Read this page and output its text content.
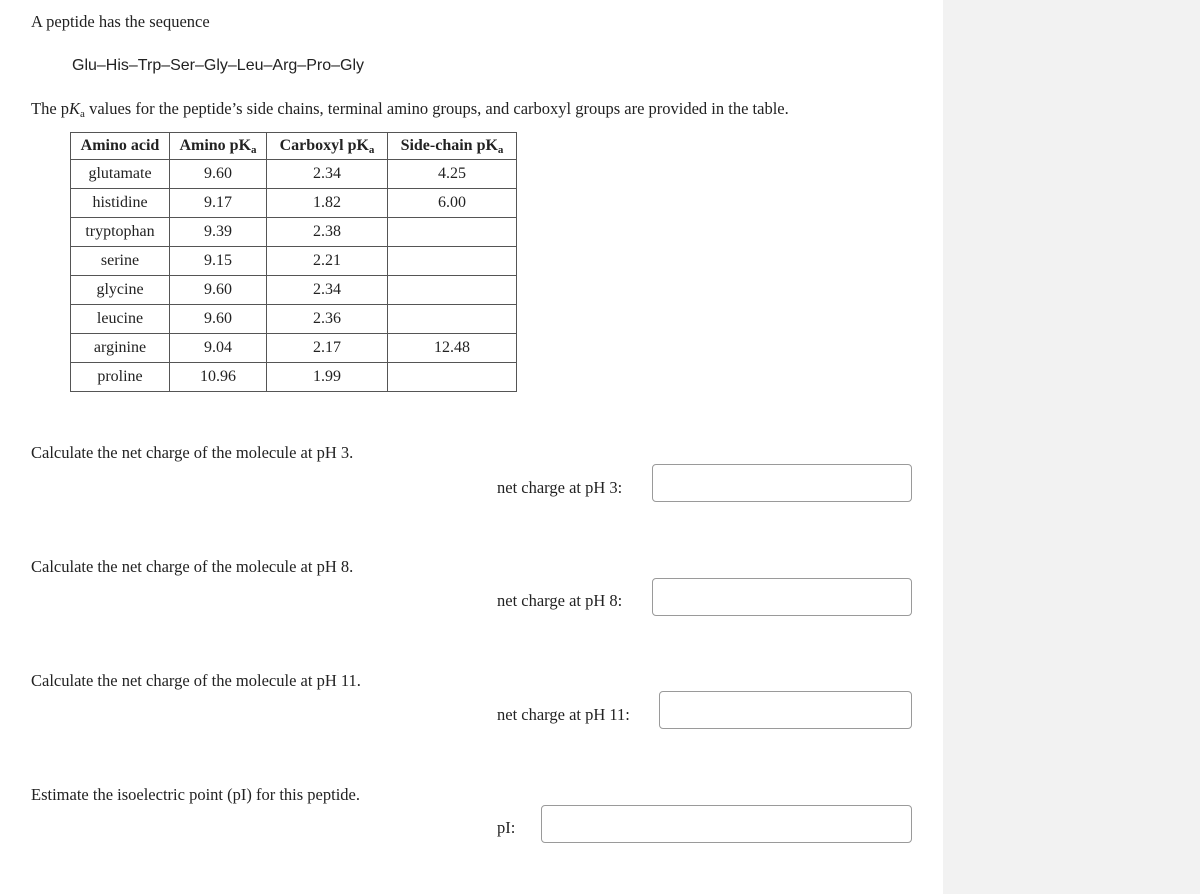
A peptide has the sequence
Glu–His–Trp–Ser–Gly–Leu–Arg–Pro–Gly
The $pK_a$ values for the peptide’s side chains, terminal amino groups, and carboxyl groups are provided in the table.
Amino acid	Amino $pK_a$	Carboxyl $pK_a$	Side-chain $pK_a$
glutamate	9.60	2.34	4.25
histidine	9.17	1.82	6.00
tryptophan	9.39	2.38	
serine	9.15	2.21	
glycine	9.60	2.34	
leucine	9.60	2.36	
arginine	9.04	2.17	12.48
proline	10.96	1.99	
Calculate the net charge of the molecule at pH 3.
net charge at pH 3:
Calculate the net charge of the molecule at pH 8.
net charge at pH 8:
Calculate the net charge of the molecule at pH 11.
net charge at pH 11:
Estimate the isoelectric point (pI) for this peptide.
pI:
